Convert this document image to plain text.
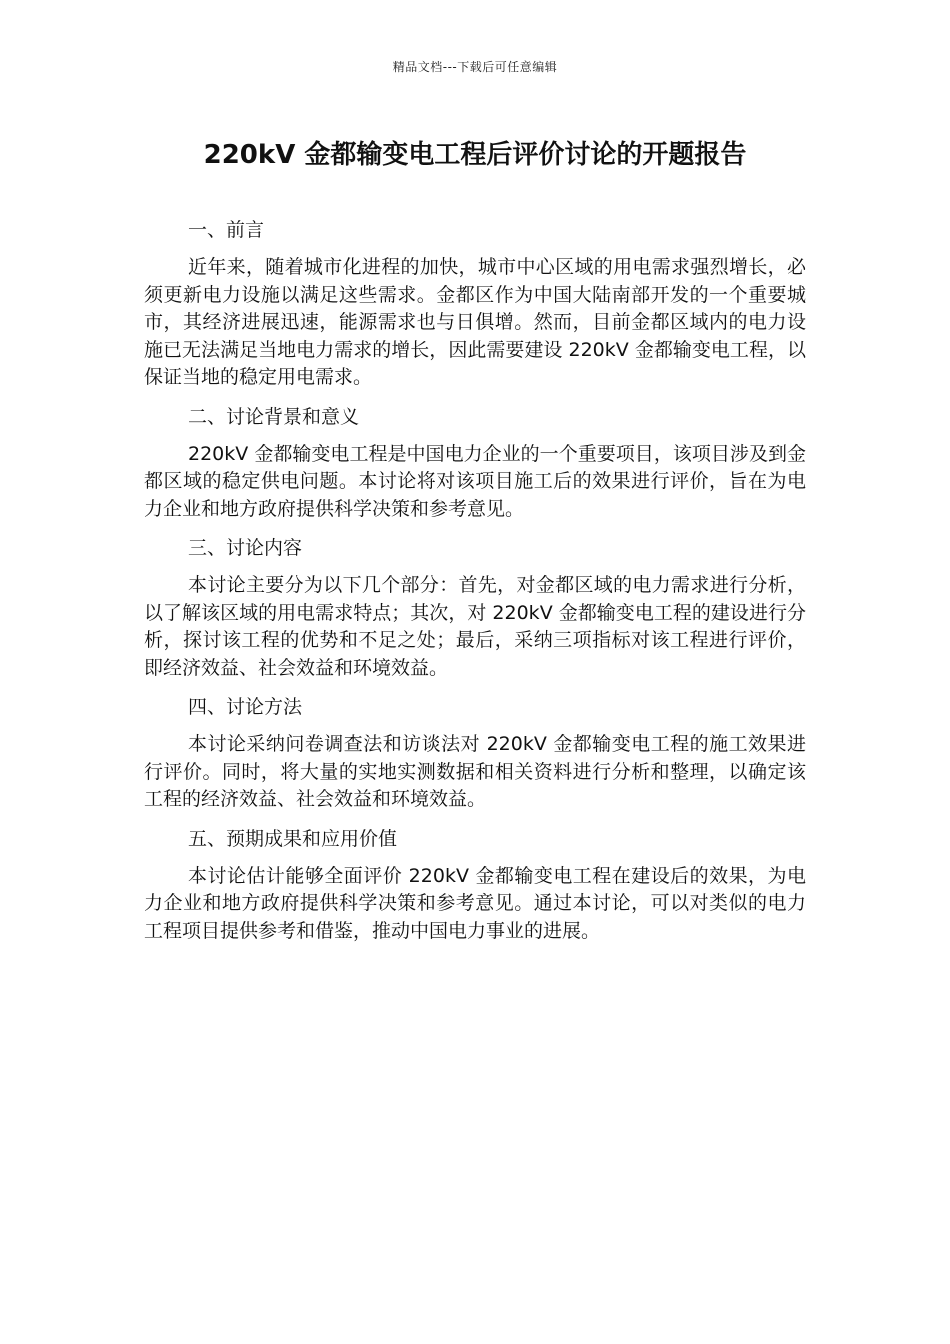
精品文档---下载后可任意编辑
220kV 金都输变电工程后评价讨论的开题报告

一、前言

近年来，随着城市化进程的加快，城市中心区域的用电需求强烈增长，必须更新电力设施以满足这些需求。金都区作为中国大陆南部开发的一个重要城市，其经济进展迅速，能源需求也与日俱增。然而，目前金都区域内的电力设施已无法满足当地电力需求的增长，因此需要建设 220kV 金都输变电工程，以保证当地的稳定用电需求。

二、讨论背景和意义

220kV 金都输变电工程是中国电力企业的一个重要项目，该项目涉及到金都区域的稳定供电问题。本讨论将对该项目施工后的效果进行评价，旨在为电力企业和地方政府提供科学决策和参考意见。

三、讨论内容

本讨论主要分为以下几个部分：首先，对金都区域的电力需求进行分析，以了解该区域的用电需求特点；其次，对 220kV 金都输变电工程的建设进行分析，探讨该工程的优势和不足之处；最后，采纳三项指标对该工程进行评价，即经济效益、社会效益和环境效益。

四、讨论方法

本讨论采纳问卷调查法和访谈法对 220kV 金都输变电工程的施工效果进行评价。同时，将大量的实地实测数据和相关资料进行分析和整理，以确定该工程的经济效益、社会效益和环境效益。

五、预期成果和应用价值

本讨论估计能够全面评价 220kV 金都输变电工程在建设后的效果，为电力企业和地方政府提供科学决策和参考意见。通过本讨论，可以对类似的电力工程项目提供参考和借鉴，推动中国电力事业的进展。
